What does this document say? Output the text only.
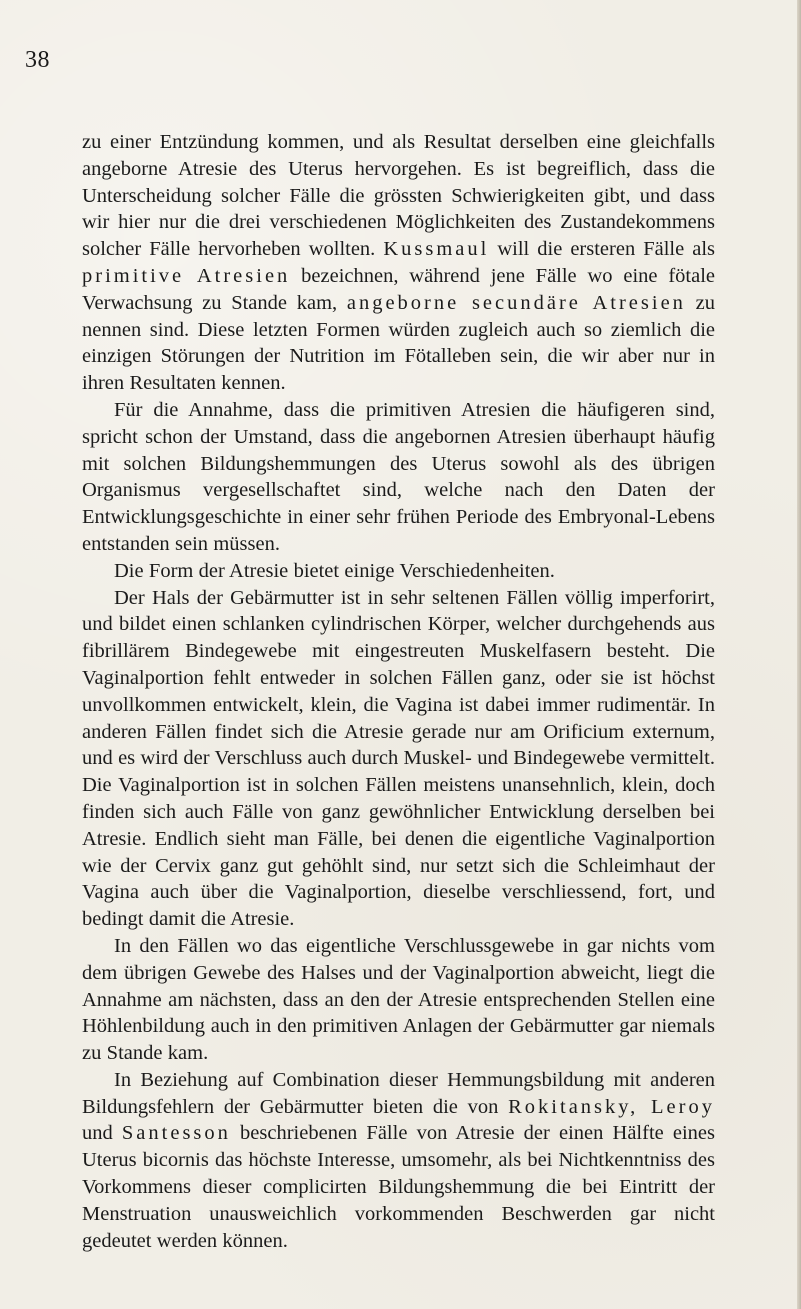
38

zu einer Entzündung kommen, und als Resultat derselben eine gleichfalls angeborne Atresie des Uterus hervorgehen. Es ist begreiflich, dass die Unterscheidung solcher Fälle die grössten Schwierigkeiten gibt, und dass wir hier nur die drei verschiedenen Möglichkeiten des Zustandekommens solcher Fälle hervorheben wollten. Kussmaul will die ersteren Fälle als primitive Atresien bezeichnen, während jene Fälle wo eine fötale Verwachsung zu Stande kam, angeborne secundäre Atresien zu nennen sind. Diese letzten Formen würden zugleich auch so ziemlich die einzigen Störungen der Nutrition im Fötalleben sein, die wir aber nur in ihren Resultaten kennen.

Für die Annahme, dass die primitiven Atresien die häufigeren sind, spricht schon der Umstand, dass die angebornen Atresien überhaupt häufig mit solchen Bildungshemmungen des Uterus sowohl als des übrigen Organismus vergesellschaftet sind, welche nach den Daten der Entwicklungsgeschichte in einer sehr frühen Periode des Embryonal-Lebens entstanden sein müssen.

Die Form der Atresie bietet einige Verschiedenheiten.

Der Hals der Gebärmutter ist in sehr seltenen Fällen völlig imperforirt, und bildet einen schlanken cylindrischen Körper, welcher durchgehends aus fibrillärem Bindegewebe mit eingestreuten Muskelfasern besteht. Die Vaginalportion fehlt entweder in solchen Fällen ganz, oder sie ist höchst unvollkommen entwickelt, klein, die Vagina ist dabei immer rudimentär. In anderen Fällen findet sich die Atresie gerade nur am Orificium externum, und es wird der Verschluss auch durch Muskel- und Bindegewebe vermittelt. Die Vaginalportion ist in solchen Fällen meistens unansehnlich, klein, doch finden sich auch Fälle von ganz gewöhnlicher Entwicklung derselben bei Atresie. Endlich sieht man Fälle, bei denen die eigentliche Vaginalportion wie der Cervix ganz gut gehöhlt sind, nur setzt sich die Schleimhaut der Vagina auch über die Vaginalportion, dieselbe verschliessend, fort, und bedingt damit die Atresie.

In den Fällen wo das eigentliche Verschlussgewebe in gar nichts vom dem übrigen Gewebe des Halses und der Vaginalportion abweicht, liegt die Annahme am nächsten, dass an den der Atresie entsprechenden Stellen eine Höhlenbildung auch in den primitiven Anlagen der Gebärmutter gar niemals zu Stande kam.

In Beziehung auf Combination dieser Hemmungsbildung mit anderen Bildungsfehlern der Gebärmutter bieten die von Rokitansky, Leroy und Santesson beschriebenen Fälle von Atresie der einen Hälfte eines Uterus bicornis das höchste Interesse, umsomehr, als bei Nichtkenntniss des Vorkommens dieser complicirten Bildungshemmung die bei Eintritt der Menstruation unausweichlich vorkommenden Beschwerden gar nicht gedeutet werden können.
